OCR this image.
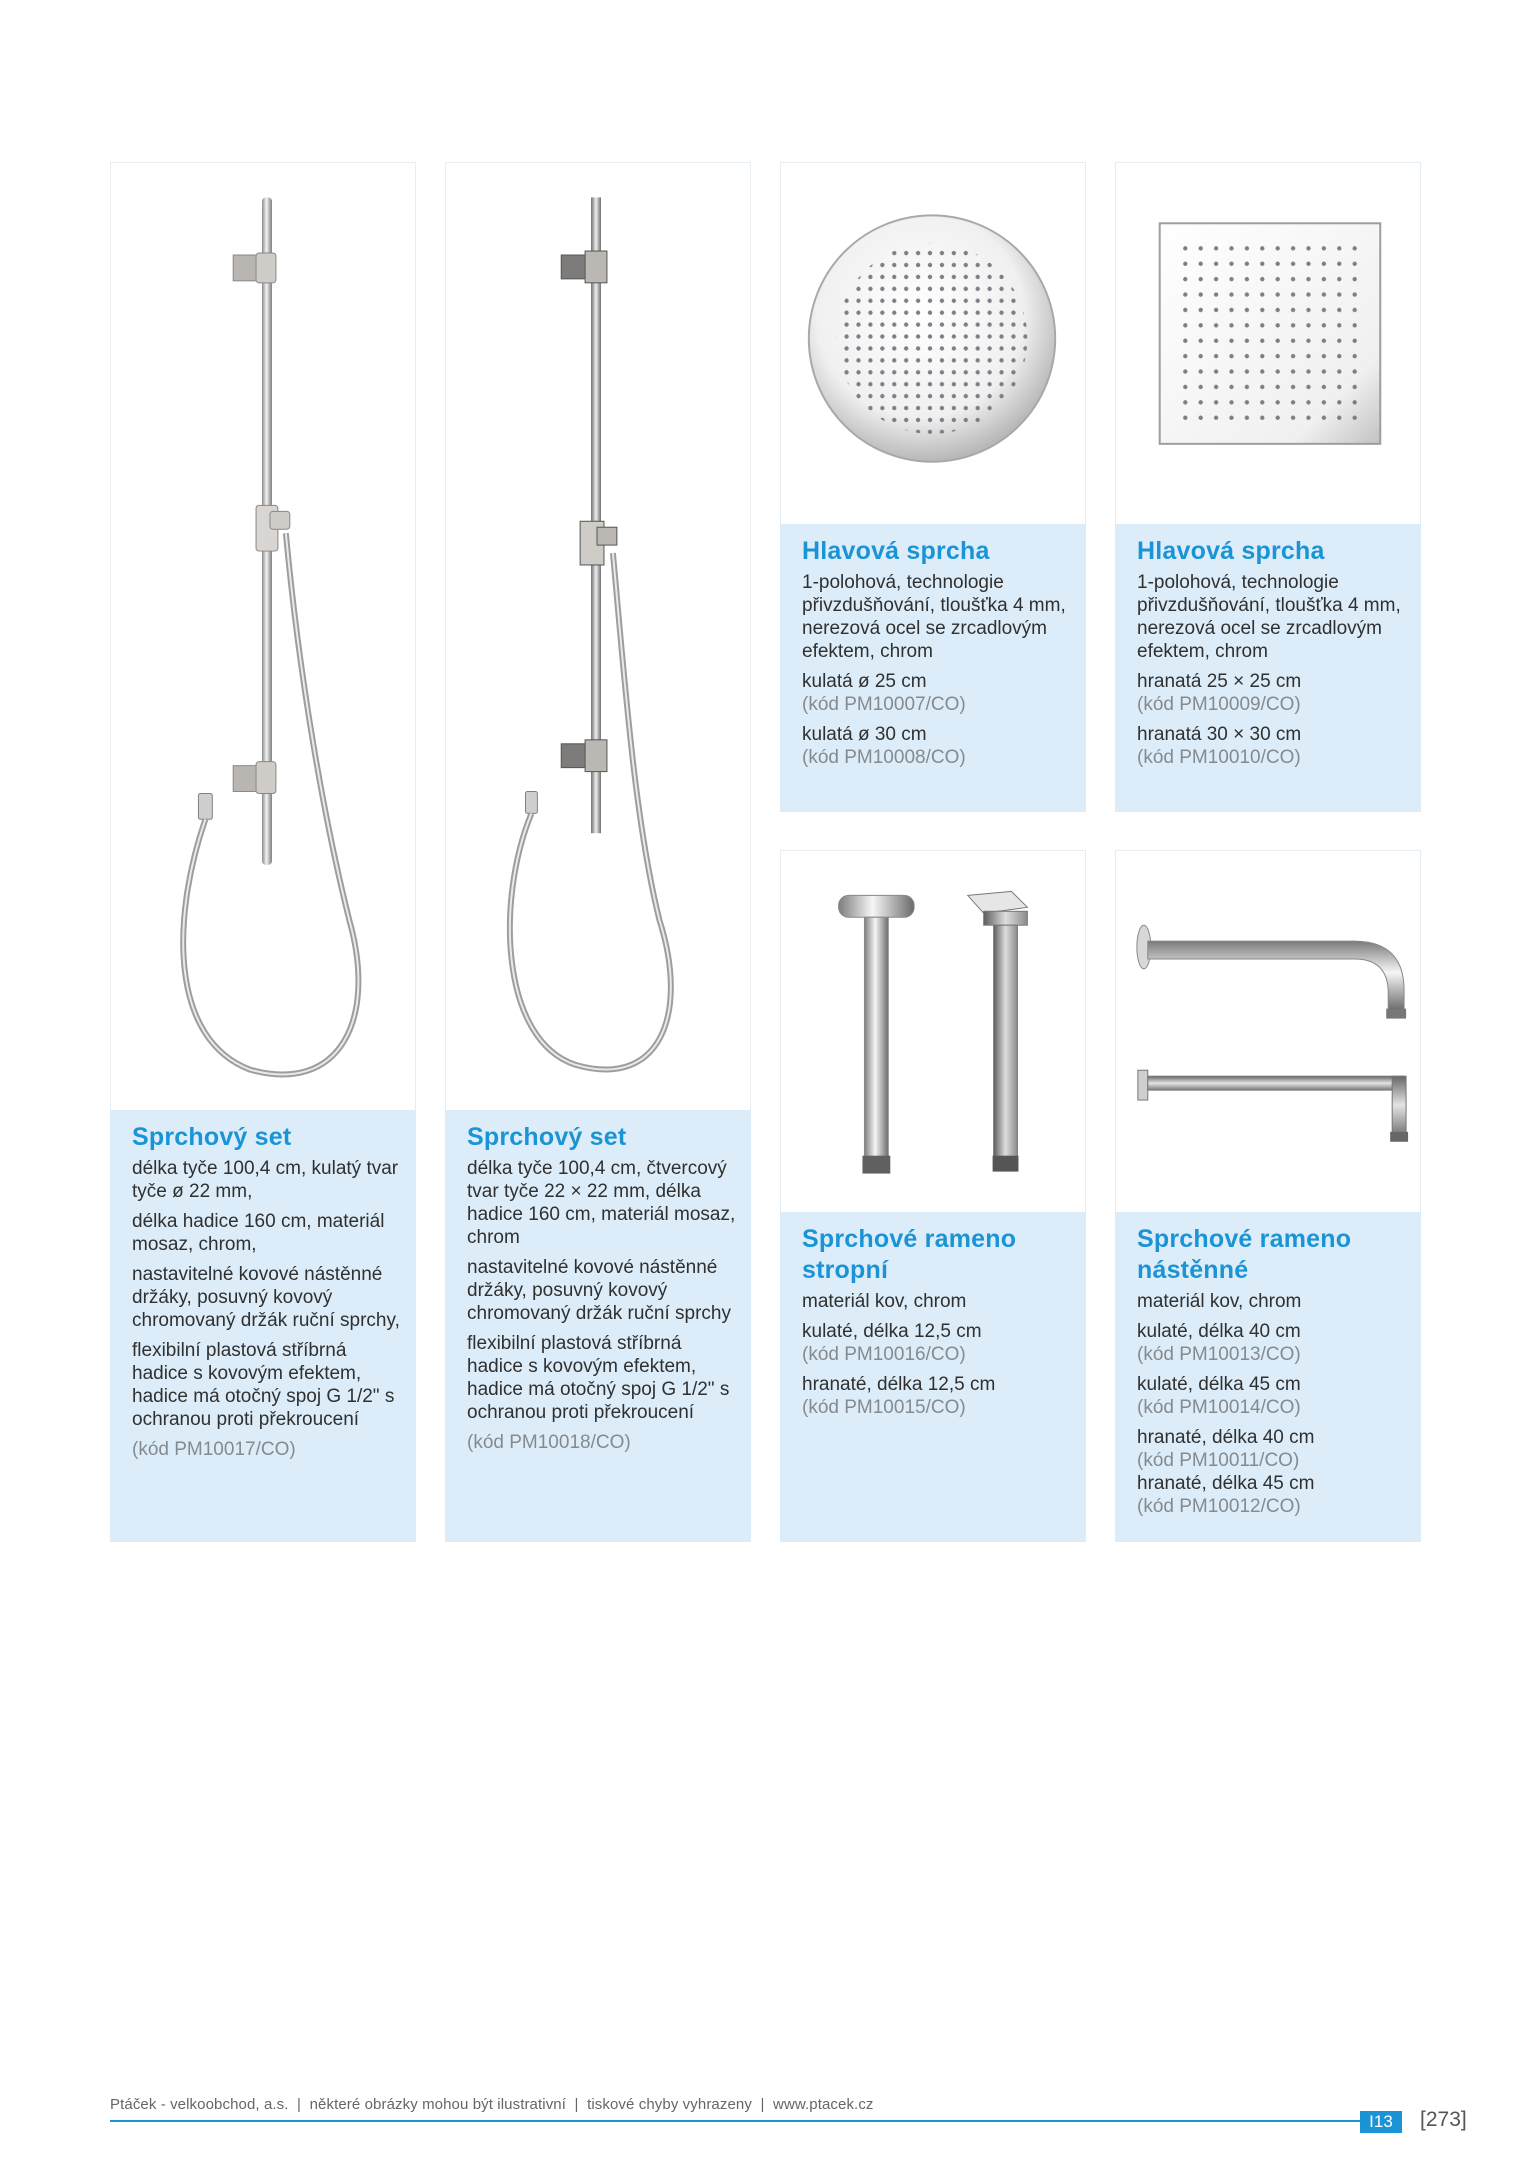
Sprchový set
délka tyče 100,4 cm, kulatý tvar tyče ø 22 mm,
délka hadice 160 cm, materiál mosaz, chrom,
nastavitelné kovové nástěnné držáky, posuvný kovový chromovaný držák ruční sprchy,
flexibilní plastová stříbrná hadice s kovovým efektem, hadice má otočný spoj G 1/2" s ochranou proti překroucení
(kód PM10017/CO)
Sprchový set
délka tyče 100,4 cm, čtvercový tvar tyče 22 × 22 mm, délka hadice 160 cm, materiál mosaz, chrom
nastavitelné kovové nástěnné držáky, posuvný kovový chromovaný držák ruční sprchy
flexibilní plastová stříbrná hadice s kovovým efektem, hadice má otočný spoj G 1/2" s ochranou proti překroucení
(kód PM10018/CO)
Hlavová sprcha
1-polohová, technologie přivzdušňování, tloušťka 4 mm, nerezová ocel se zrcadlovým efektem, chrom
kulatá ø 25 cm
(kód PM10007/CO)
kulatá ø 30 cm
(kód PM10008/CO)
Hlavová sprcha
1-polohová, technologie přivzdušňování, tloušťka 4 mm, nerezová ocel se zrcadlovým efektem, chrom
hranatá 25 × 25 cm
(kód PM10009/CO)
hranatá 30 × 30 cm
(kód PM10010/CO)
Sprchové rameno stropní
materiál kov, chrom
kulaté, délka 12,5 cm
(kód PM10016/CO)
hranaté, délka 12,5 cm
(kód PM10015/CO)
Sprchové rameno nástěnné
materiál kov, chrom
kulaté, délka 40 cm
(kód PM10013/CO)
kulaté, délka 45 cm
(kód PM10014/CO)
hranaté, délka 40 cm
(kód PM10011/CO)
hranaté, délka 45 cm
(kód PM10012/CO)
Ptáček - velkoobchod, a.s.  |  některé obrázky mohou být ilustrativní  |  tiskové chyby vyhrazeny  |  www.ptacek.cz
I13	[273]
